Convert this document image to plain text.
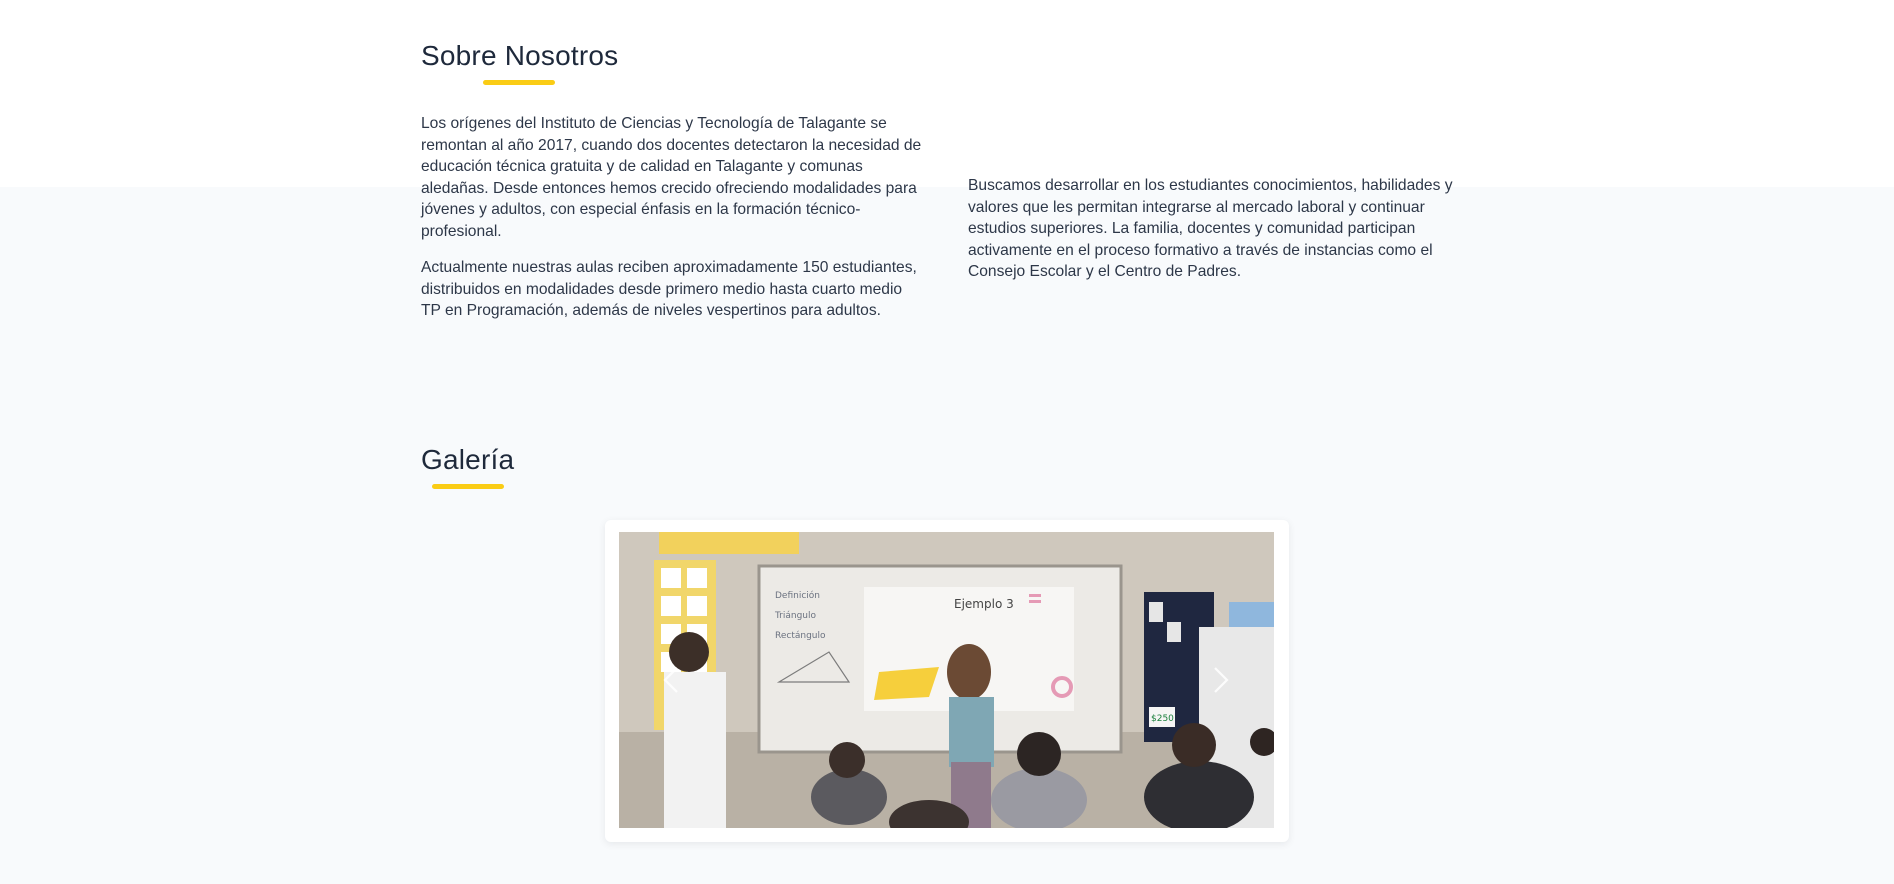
Sobre Nosotros

Los orígenes del Instituto de Ciencias y Tecnología de Talagante se remontan al año 2017, cuando dos docentes detectaron la necesidad de educación técnica gratuita y de calidad en Talagante y comunas aledañas. Desde entonces hemos crecido ofreciendo modalidades para jóvenes y adultos, con especial énfasis en la formación técnico-profesional.

Actualmente nuestras aulas reciben aproximadamente 150 estudiantes, distribuidos en modalidades desde primero medio hasta cuarto medio TP en Programación, además de niveles vespertinos para adultos.

Buscamos desarrollar en los estudiantes conocimientos, habilidades y valores que les permitan integrarse al mercado laboral y continuar estudios superiores. La familia, docentes y comunidad participan activamente en el proceso formativo a través de instancias como el Consejo Escolar y el Centro de Padres.

Galería
Definición
Triángulo
Rectángulo
Ejemplo 3
$250
